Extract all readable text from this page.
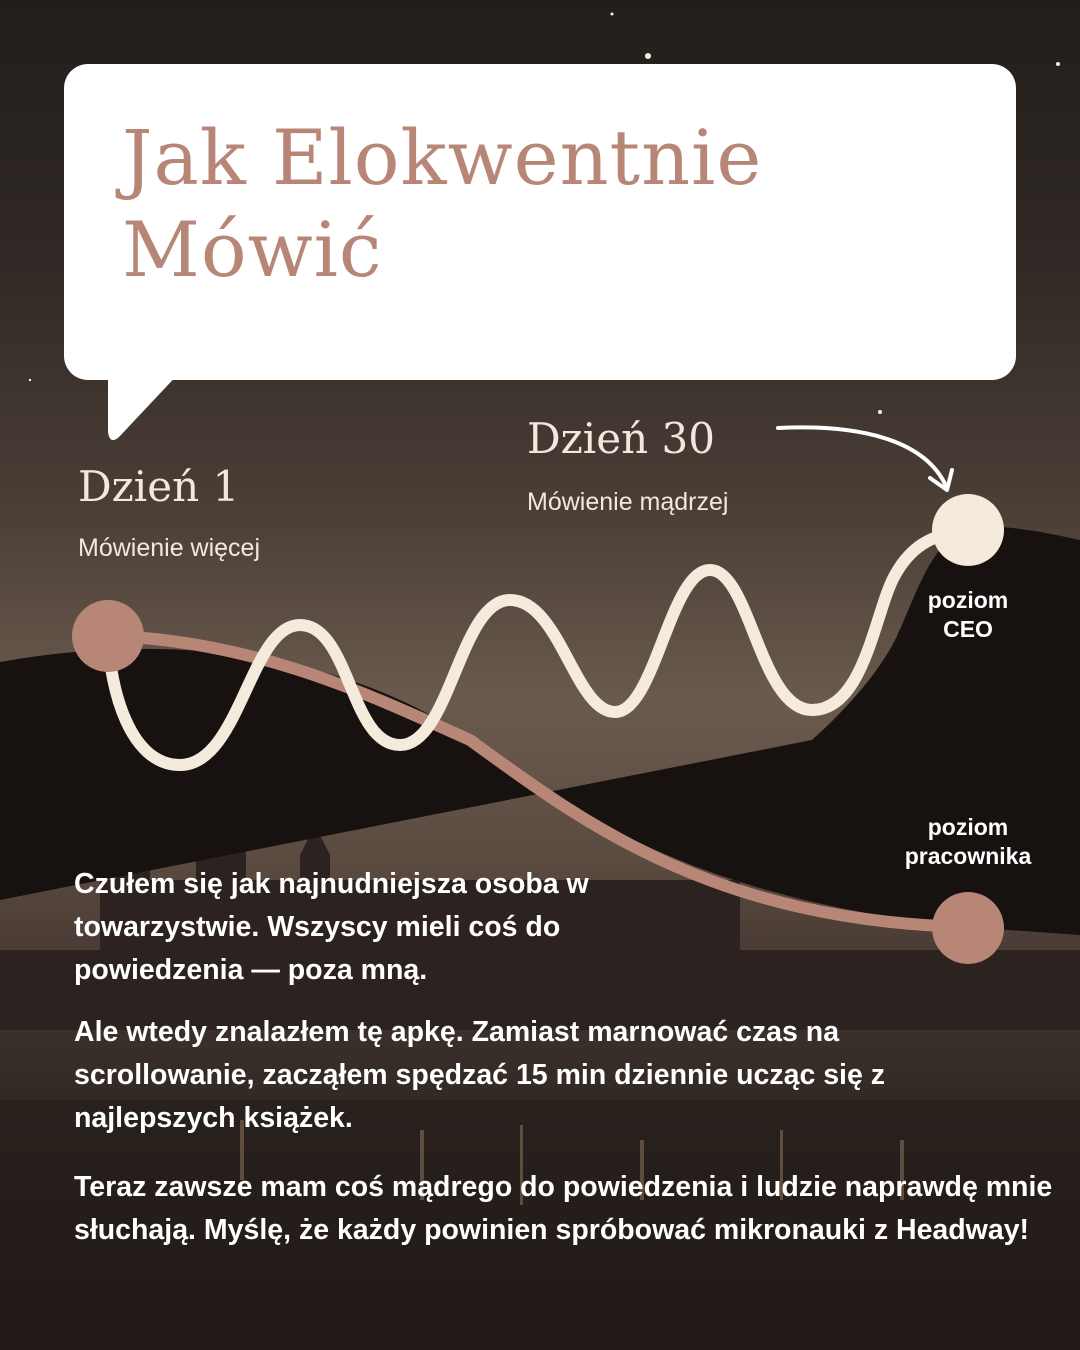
Jak Elokwentnie Mówić

Dzień 1

Mówienie więcej

Dzień 30

Mówienie mądrzej

poziom CEO

poziom pracownika

Czułem się jak najnudniejsza osoba w towarzystwie. Wszyscy mieli coś do powiedzenia — poza mną.

Ale wtedy znalazłem tę apkę. Zamiast marnować czas na scrollowanie, zacząłem spędzać 15 min dziennie ucząc się z najlepszych książek.

Teraz zawsze mam coś mądrego do powiedzenia i ludzie naprawdę mnie słuchają. Myślę, że każdy powinien spróbować mikronauki z Headway!
